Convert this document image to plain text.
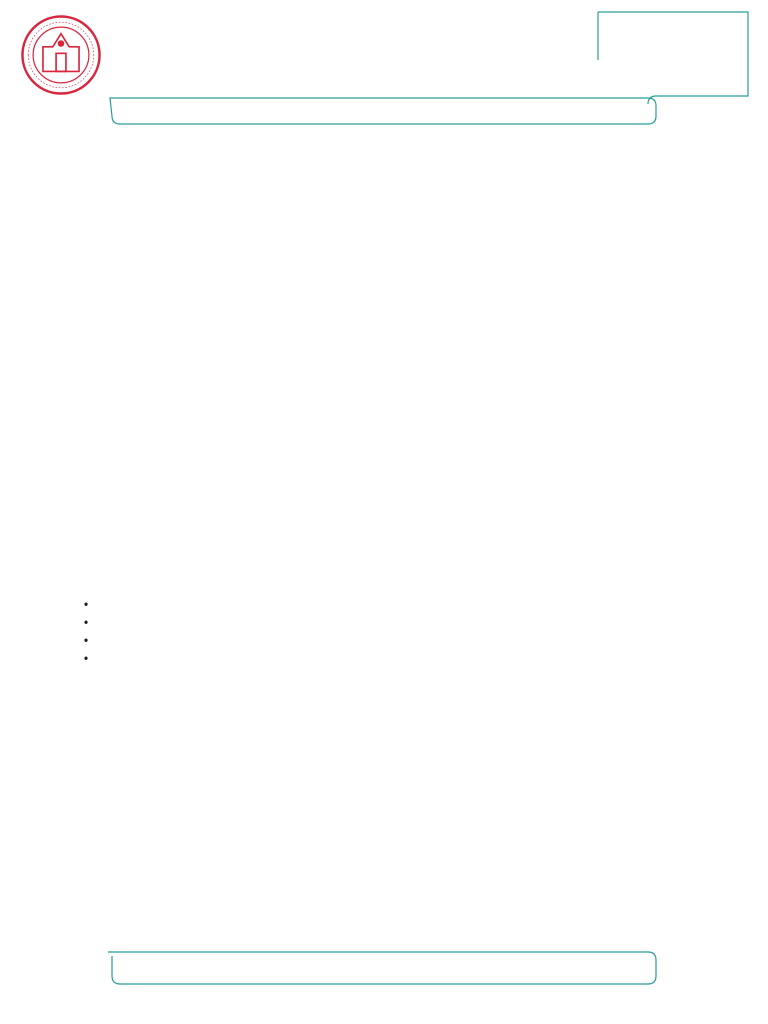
•
•
•
•
